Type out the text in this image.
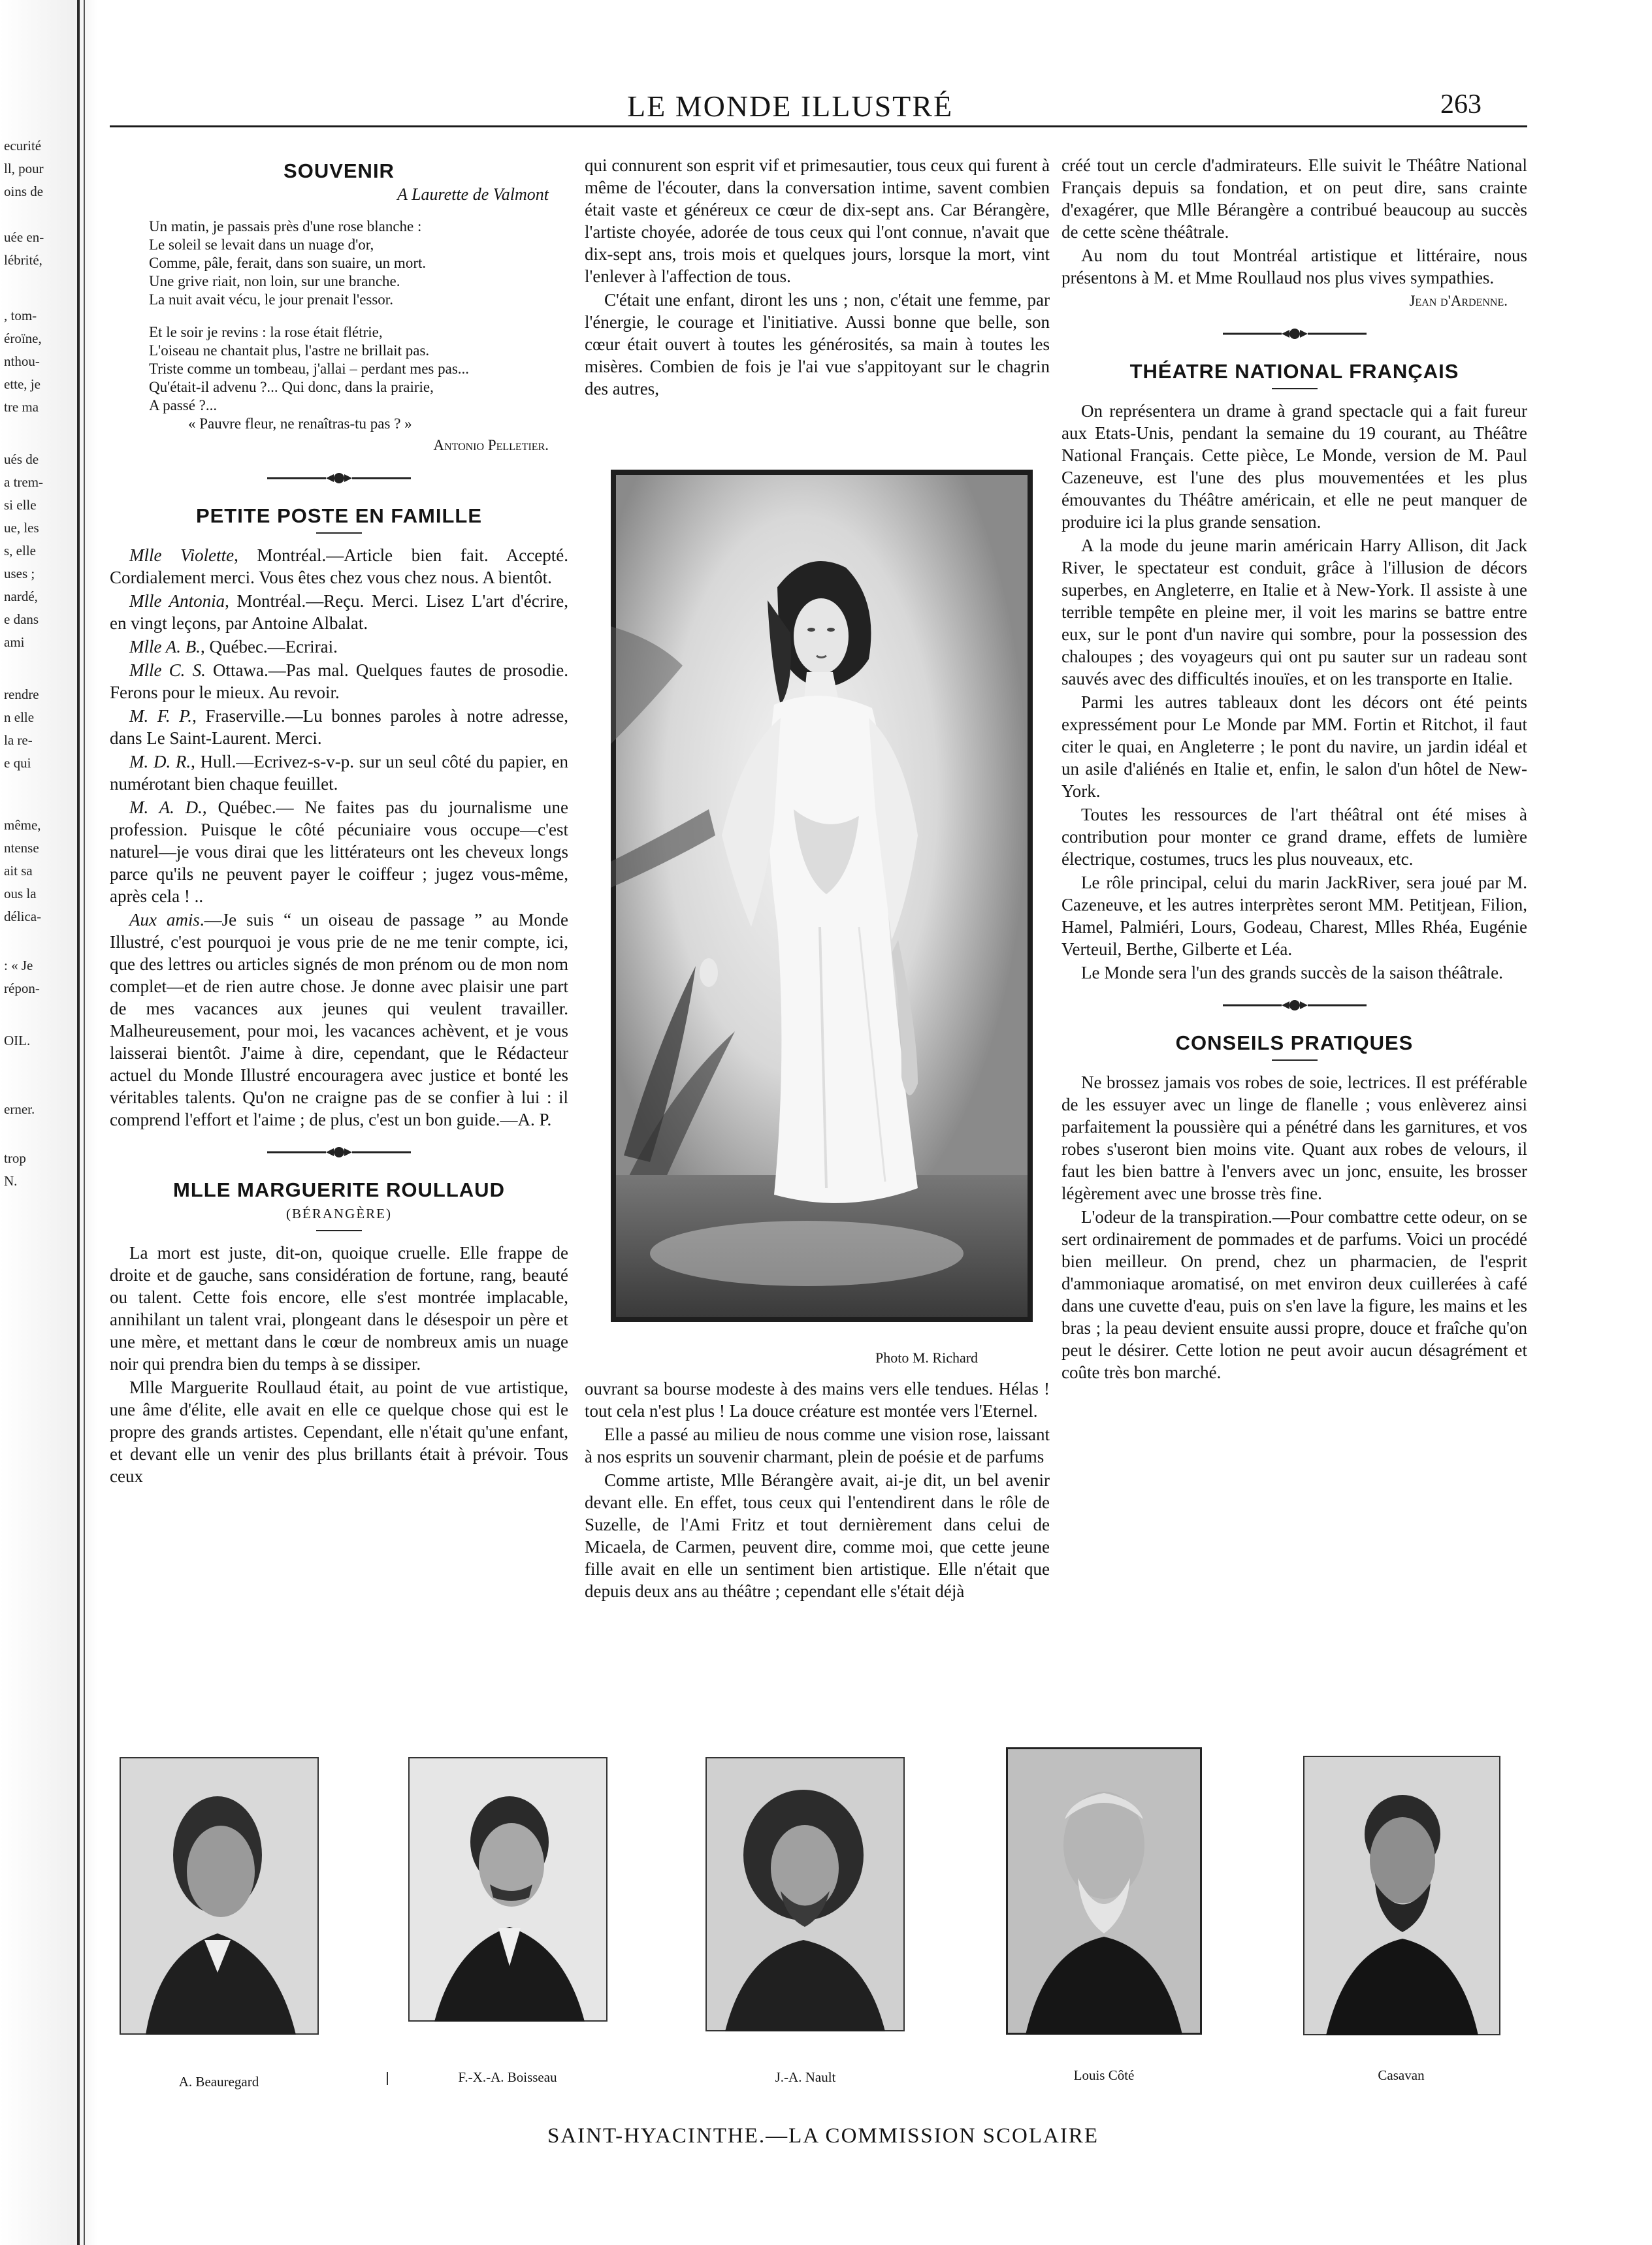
ecurité
ll, pour
oins de
uée en-
lébrité,
, tom-
éroïne,
nthou-
ette, je
tre ma
ués de
a trem-
si elle
ue, les
s, elle
uses ;
nardé,
e dans
ami
rendre
n elle
la re-
e qui
même,
ntense
ait sa
ous la
délica-
: « Je
répon-
OIL.
erner.
trop
N.
LE MONDE ILLUSTRÉ	263
SOUVENIR
A Laurette de Valmont
Un matin, je passais près d'une rose blanche :
Le soleil se levait dans un nuage d'or,
Comme, pâle, ferait, dans son suaire, un mort.
Une grive riait, non loin, sur une branche.
La nuit avait vécu, le jour prenait l'essor.
Et le soir je revins : la rose était flétrie,
L'oiseau ne chantait plus, l'astre ne brillait pas.
Triste comme un tombeau, j'allai – perdant mes pas...
Qu'était-il advenu ?... Qui donc, dans la prairie,
A passé ?...
« Pauvre fleur, ne renaîtras-tu pas ? »
Antonio Pelletier.
PETITE POSTE EN FAMILLE

Mlle Violette, Montréal.—Article bien fait. Accepté. Cordialement merci. Vous êtes chez vous chez nous. A bientôt.

Mlle Antonia, Montréal.—Reçu. Merci. Lisez L'art d'écrire, en vingt leçons, par Antoine Albalat.

Mlle A. B., Québec.—Ecrirai.

Mlle C. S. Ottawa.—Pas mal. Quelques fautes de prosodie. Ferons pour le mieux. Au revoir.

M. F. P., Fraserville.—Lu bonnes paroles à notre adresse, dans Le Saint-Laurent. Merci.

M. D. R., Hull.—Ecrivez-s-v-p. sur un seul côté du papier, en numérotant bien chaque feuillet.

M. A. D., Québec.— Ne faites pas du journalisme une profession. Puisque le côté pécuniaire vous occupe—c'est naturel—je vous dirai que les littérateurs ont les cheveux longs parce qu'ils ne peuvent payer le coiffeur ; jugez vous-même, après cela ! ..

Aux amis.—Je suis “ un oiseau de passage ” au Monde Illustré, c'est pourquoi je vous prie de ne me tenir compte, ici, que des lettres ou articles signés de mon prénom ou de mon nom complet—et de rien autre chose. Je donne avec plaisir une part de mes vacances aux jeunes qui veulent travailler. Malheureusement, pour moi, les vacances achèvent, et je vous laisserai bientôt. J'aime à dire, cependant, que le Rédacteur actuel du Monde Illustré encouragera avec justice et bonté les véritables talents. Qu'on ne craigne pas de se confier à lui : il comprend l'effort et l'aime ; de plus, c'est un bon guide.—A. P.

MLLE MARGUERITE ROULLAUD
(BÉRANGÈRE)

La mort est juste, dit-on, quoique cruelle. Elle frappe de droite et de gauche, sans considération de fortune, rang, beauté ou talent. Cette fois encore, elle s'est montrée implacable, annihilant un talent vrai, plongeant dans le désespoir un père et une mère, et mettant dans le cœur de nombreux amis un nuage noir qui prendra bien du temps à se dissiper.

Mlle Marguerite Roullaud était, au point de vue artistique, une âme d'élite, elle avait en elle ce quelque chose qui est le propre des grands artistes. Cependant, elle n'était qu'une enfant, et devant elle un venir des plus brillants était à prévoir. Tous ceux

qui connurent son esprit vif et primesautier, tous ceux qui furent à même de l'écouter, dans la conversation intime, savent combien était vaste et généreux ce cœur de dix-sept ans. Car Bérangère, l'artiste choyée, adorée de tous ceux qui l'ont connue, n'avait que dix-sept ans, trois mois et quelques jours, lorsque la mort, vint l'enlever à l'affection de tous.

C'était une enfant, diront les uns ; non, c'était une femme, par l'énergie, le courage et l'initiative. Aussi bonne que belle, son cœur était ouvert à toutes les générosités, sa main à toutes les misères. Combien de fois je l'ai vue s'appitoyant sur le chagrin des autres,

Photo M. Richard

ouvrant sa bourse modeste à des mains vers elle tendues. Hélas ! tout cela n'est plus ! La douce créature est montée vers l'Eternel.

Elle a passé au milieu de nous comme une vision rose, laissant à nos esprits un souvenir charmant, plein de poésie et de parfums

Comme artiste, Mlle Bérangère avait, ai-je dit, un bel avenir devant elle. En effet, tous ceux qui l'entendirent dans le rôle de Suzelle, de l'Ami Fritz et tout dernièrement dans celui de Micaela, de Carmen, peuvent dire, comme moi, que cette jeune fille avait en elle un sentiment bien artistique. Elle n'était que depuis deux ans au théâtre ; cependant elle s'était déjà

créé tout un cercle d'admirateurs. Elle suivit le Théâtre National Français depuis sa fondation, et on peut dire, sans crainte d'exagérer, que Mlle Bérangère a contribué beaucoup au succès de cette scène théâtrale.

Au nom du tout Montréal artistique et littéraire, nous présentons à M. et Mme Roullaud nos plus vives sympathies.

Jean d'Ardenne.
THÉATRE NATIONAL FRANÇAIS

On représentera un drame à grand spectacle qui a fait fureur aux Etats-Unis, pendant la semaine du 19 courant, au Théâtre National Français. Cette pièce, Le Monde, version de M. Paul Cazeneuve, est l'une des plus mouvementées et les plus émouvantes du Théâtre américain, et elle ne peut manquer de produire ici la plus grande sensation.

A la mode du jeune marin américain Harry Allison, dit Jack River, le spectateur est conduit, grâce à l'illusion de décors superbes, en Angleterre, en Italie et à New-York. Il assiste à une terrible tempête en pleine mer, il voit les marins se battre entre eux, sur le pont d'un navire qui sombre, pour la possession des chaloupes ; des voyageurs qui ont pu sauter sur un radeau sont sauvés avec des difficultés inouïes, et on les transporte en Italie.

Parmi les autres tableaux dont les décors ont été peints expressément pour Le Monde par MM. Fortin et Ritchot, il faut citer le quai, en Angleterre ; le pont du navire, un jardin idéal et un asile d'aliénés en Italie et, enfin, le salon d'un hôtel de New-York.

Toutes les ressources de l'art théâtral ont été mises à contribution pour monter ce grand drame, effets de lumière électrique, costumes, trucs les plus nouveaux, etc.

Le rôle principal, celui du marin JackRiver, sera joué par M. Cazeneuve, et les autres interprètes seront MM. Petitjean, Filion, Hamel, Palmiéri, Lours, Godeau, Charest, Mlles Rhéa, Eugénie Verteuil, Berthe, Gilberte et Léa.

Le Monde sera l'un des grands succès de la saison théâtrale.

CONSEILS PRATIQUES

Ne brossez jamais vos robes de soie, lectrices. Il est préférable de les essuyer avec un linge de flanelle ; vous enlèverez ainsi parfaitement la poussière qui a pénétré dans les garnitures, et vos robes s'useront bien moins vite. Quant aux robes de velours, il faut les bien battre à l'envers avec un jonc, ensuite, les brosser légèrement avec une brosse très fine.

L'odeur de la transpiration.—Pour combattre cette odeur, on se sert ordinairement de pommades et de parfums. Voici un procédé bien meilleur. On prend, chez un pharmacien, de l'esprit d'ammoniaque aromatisé, on met environ deux cuillerées à café dans une cuvette d'eau, puis on s'en lave la figure, les mains et les bras ; la peau devient ensuite aussi propre, douce et fraîche qu'on peut le désirer. Cette lotion ne peut avoir aucun désagrément et coûte très bon marché.

A. Beauregard	F.-X.-A. Boisseau	J.-A. Nault	Louis Côté	Casavan
SAINT-HYACINTHE.—LA COMMISSION SCOLAIRE
